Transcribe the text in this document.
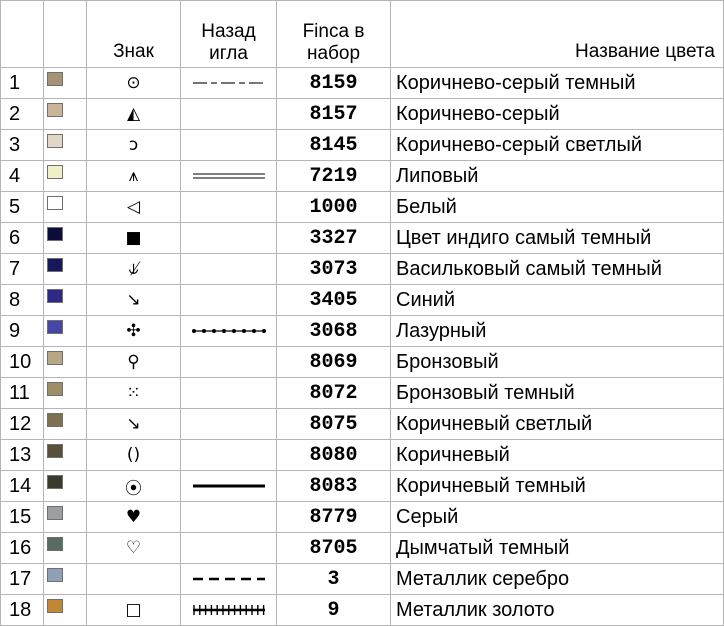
		Знак	Назад игла	Finca в набор	Название цвета
1		⊙		8159	Коричнево-серый темный
2		◭		8157	Коричнево-серый
3		ↄ		8145	Коричнево-серый светлый
4		⩚		7219	Липовый
5		◁		1000	Белый
6		■		3327	Цвет индиго самый темный
7		⫝̸		3073	Васильковый самый темный
8		↘		3405	Синий
9		✣		3068	Лазурный
10		⚲		8069	Бронзовый
11		⁙		8072	Бронзовый темный
12		↘		8075	Коричневый светлый
13		()		8080	Коричневый
14		⦿		8083	Коричневый темный
15		♥		8779	Серый
16		♡		8705	Дымчатый темный
17				3	Металлик серебро
18		□		9	Металлик золото
